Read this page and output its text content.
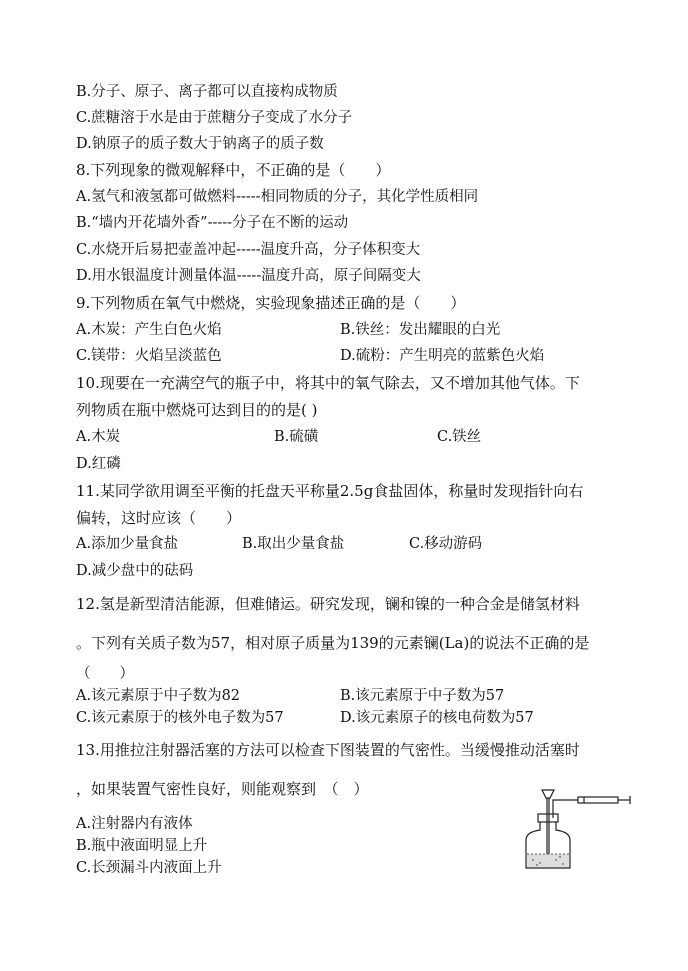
B.分子、原子、离子都可以直接构成物质
C.蔗糖溶于水是由于蔗糖分子变成了水分子
D.钠原子的质子数大于钠离子的质子数
8.下列现象的微观解释中，不正确的是（　　）
A.氢气和液氢都可做燃料-----相同物质的分子，其化学性质相同
B.“墙内开花墙外香”-----分子在不断的运动
C.水烧开后易把壶盖冲起-----温度升高，分子体积变大
D.用水银温度计测量体温-----温度升高，原子间隔变大
9.下列物质在氧气中燃烧，实验现象描述正确的是（　　）
A.木炭：产生白色火焰	B.铁丝：发出耀眼的白光
C.镁带：火焰呈淡蓝色	D.硫粉：产生明亮的蓝紫色火焰
10.现要在一充满空气的瓶子中，将其中的氧气除去，又不增加其他气体。下
列物质在瓶中燃烧可达到目的的是( )
A.木炭	B.硫磺	C.铁丝
D.红磷
11.某同学欲用调至平衡的托盘天平称量2.5g食盐固体，称量时发现指针向右
偏转，这时应该（　　）
A.添加少量食盐	B.取出少量食盐	C.移动游码
D.减少盘中的砝码
12.氢是新型清洁能源，但难储运。研究发现，镧和镍的一种合金是储氢材料
。下列有关质子数为57，相对原子质量为139的元素镧(La)的说法不正确的是
（　　）
A.该元素原于中子数为82	B.该元素原于中子数为57
C.该元素原于的核外电子数为57	D.该元素原子的核电荷数为57
13.用推拉注射器活塞的方法可以检查下图装置的气密性。当缓慢推动活塞时
，如果装置气密性良好，则能观察到　（　）
A.注射器内有液体
B.瓶中液面明显上升
C.长颈漏斗内液面上升
